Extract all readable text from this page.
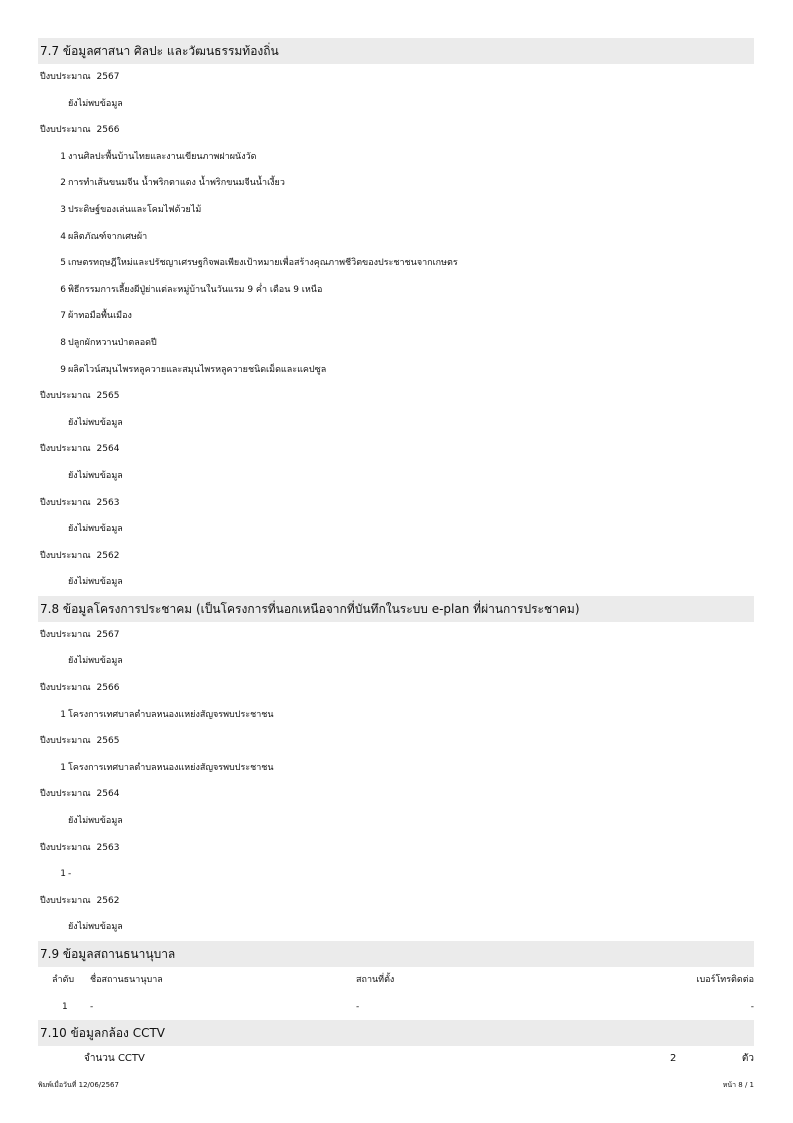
7.7 ข้อมูลศาสนา ศิลปะ และวัฒนธรรมท้องถิ่น
ปีงบประมาณ 2567
ยังไม่พบข้อมูล
ปีงบประมาณ 2566
1 งานศิลปะพื้นบ้านไทยและงานเขียนภาพฝาผนังวัด
2 การทำเส้นขนมจีน น้ำพริกตาแดง น้ำพริกขนมจีนน้ำเงี้ยว
3 ประดิษฐ์ของเล่นและโคมไฟด้วยไม้
4 ผลิตภัณฑ์จากเศษผ้า
5 เกษตรทฤษฎีใหม่และปรัชญาเศรษฐกิจพอเพียงเป้าหมายเพื่อสร้างคุณภาพชีวิตของประชาชนจากเกษตร
6 พิธีกรรมการเลี้ยงผีปู่ย่าแต่ละหมู่บ้านในวันแรม 9 ค่ำ เดือน 9 เหนือ
7 ผ้าทอมือพื้นเมือง
8 ปลูกผักหวานป่าตลอดปี
9 ผลิตไวน์สมุนไพรหลูควายและสมุนไพรหลูควายชนิดเม็ดและแคปซูล
ปีงบประมาณ 2565
ยังไม่พบข้อมูล
ปีงบประมาณ 2564
ยังไม่พบข้อมูล
ปีงบประมาณ 2563
ยังไม่พบข้อมูล
ปีงบประมาณ 2562
ยังไม่พบข้อมูล
7.8 ข้อมูลโครงการประชาคม (เป็นโครงการที่นอกเหนือจากที่บันทึกในระบบ e-plan ที่ผ่านการประชาคม)
ปีงบประมาณ 2567
ยังไม่พบข้อมูล
ปีงบประมาณ 2566
1 โครงการเทศบาลตำบลหนองแหย่งสัญจรพบประชาชน
ปีงบประมาณ 2565
1 โครงการเทศบาลตำบลหนองแหย่งสัญจรพบประชาชน
ปีงบประมาณ 2564
ยังไม่พบข้อมูล
ปีงบประมาณ 2563
1 -
ปีงบประมาณ 2562
ยังไม่พบข้อมูล
7.9 ข้อมูลสถานธนานุบาล
ลำดับ ชื่อสถานธนานุบาล	สถานที่ตั้ง	เบอร์โทรติดต่อ
1 -	-	-
7.10 ข้อมูลกล้อง CCTV
จำนวน CCTV	2	ตัว
พิมพ์เมื่อวันที่ 12/06/2567	หน้า 8 / 1
